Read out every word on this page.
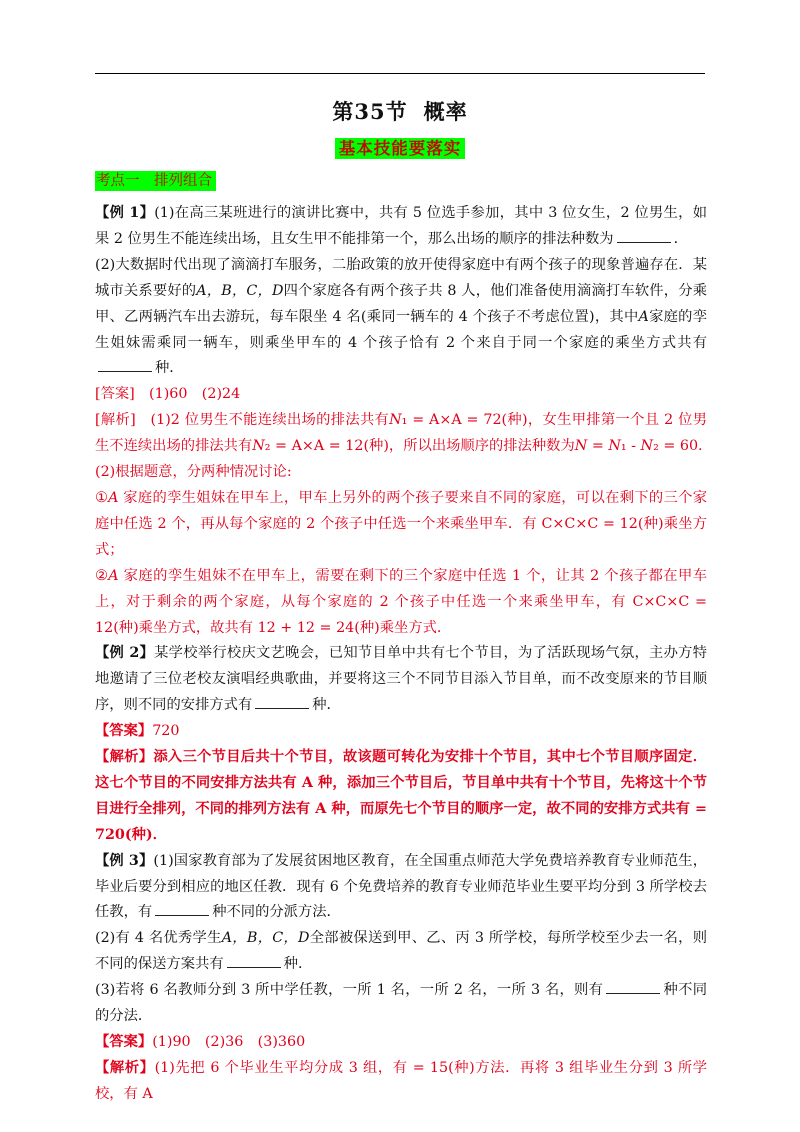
第35节 概率
基本技能要落实
考点一　排列组合

【例 1】(1)在高三某班进行的演讲比赛中，共有 5 位选手参加，其中 3 位女生，2 位男生，如果 2 位男生不能连续出场，且女生甲不能排第一个，那么出场的顺序的排法种数为	．

(2)大数据时代出现了滴滴打车服务，二胎政策的放开使得家庭中有两个孩子的现象普遍存在．某城市关系要好的A，B，C，D四个家庭各有两个孩子共 8 人，他们准备使用滴滴打车软件，分乘甲、乙两辆汽车出去游玩，每车限坐 4 名(乘同一辆车的 4 个孩子不考虑位置)，其中A家庭的孪生姐妹需乘同一辆车，则乘坐甲车的 4 个孩子恰有 2 个来自于同一个家庭的乘坐方式共有种．

[答案]　(1)60　(2)24

[解析]　(1)2 位男生不能连续出场的排法共有N₁ = A×A = 72(种)，女生甲排第一个且 2 位男生不连续出场的排法共有N₂ = A×A = 12(种)，所以出场顺序的排法种数为N = N₁ - N₂ = 60.

(2)根据题意，分两种情况讨论:

①A 家庭的孪生姐妹在甲车上，甲车上另外的两个孩子要来自不同的家庭，可以在剩下的三个家庭中任选 2 个，再从每个家庭的 2 个孩子中任选一个来乘坐甲车．有 C×C×C = 12(种)乘坐方式；

②A 家庭的孪生姐妹不在甲车上，需要在剩下的三个家庭中任选 1 个，让其 2 个孩子都在甲车上，对于剩余的两个家庭，从每个家庭的 2 个孩子中任选一个来乘坐甲车，有 C×C×C = 12(种)乘坐方式，故共有 12 + 12 = 24(种)乘坐方式．

【例 2】某学校举行校庆文艺晚会，已知节目单中共有七个节目，为了活跃现场气氛，主办方特地邀请了三位老校友演唱经典歌曲，并要将这三个不同节目添入节目单，而不改变原来的节目顺序，则不同的安排方式有	种．

【答案】720

【解析】添入三个节目后共十个节目，故该题可转化为安排十个节目，其中七个节目顺序固定．这七个节目的不同安排方法共有 A 种，添加三个节目后，节目单中共有十个节目，先将这十个节目进行全排列，不同的排列方法有 A 种，而原先七个节目的顺序一定，故不同的安排方式共有 = 720(种)．

【例 3】(1)国家教育部为了发展贫困地区教育，在全国重点师范大学免费培养教育专业师范生，毕业后要分到相应的地区任教．现有 6 个免费培养的教育专业师范毕业生要平均分到 3 所学校去任教，有	种不同的分派方法．

(2)有 4 名优秀学生A，B，C，D全部被保送到甲、乙、丙 3 所学校，每所学校至少去一名，则不同的保送方案共有	种．

(3)若将 6 名教师分到 3 所中学任教，一所 1 名，一所 2 名，一所 3 名，则有	种不同的分法．

【答案】(1)90　(2)36　(3)360

【解析】(1)先把 6 个毕业生平均分成 3 组，有 = 15(种)方法．再将 3 组毕业生分到 3 所学校，有 A
